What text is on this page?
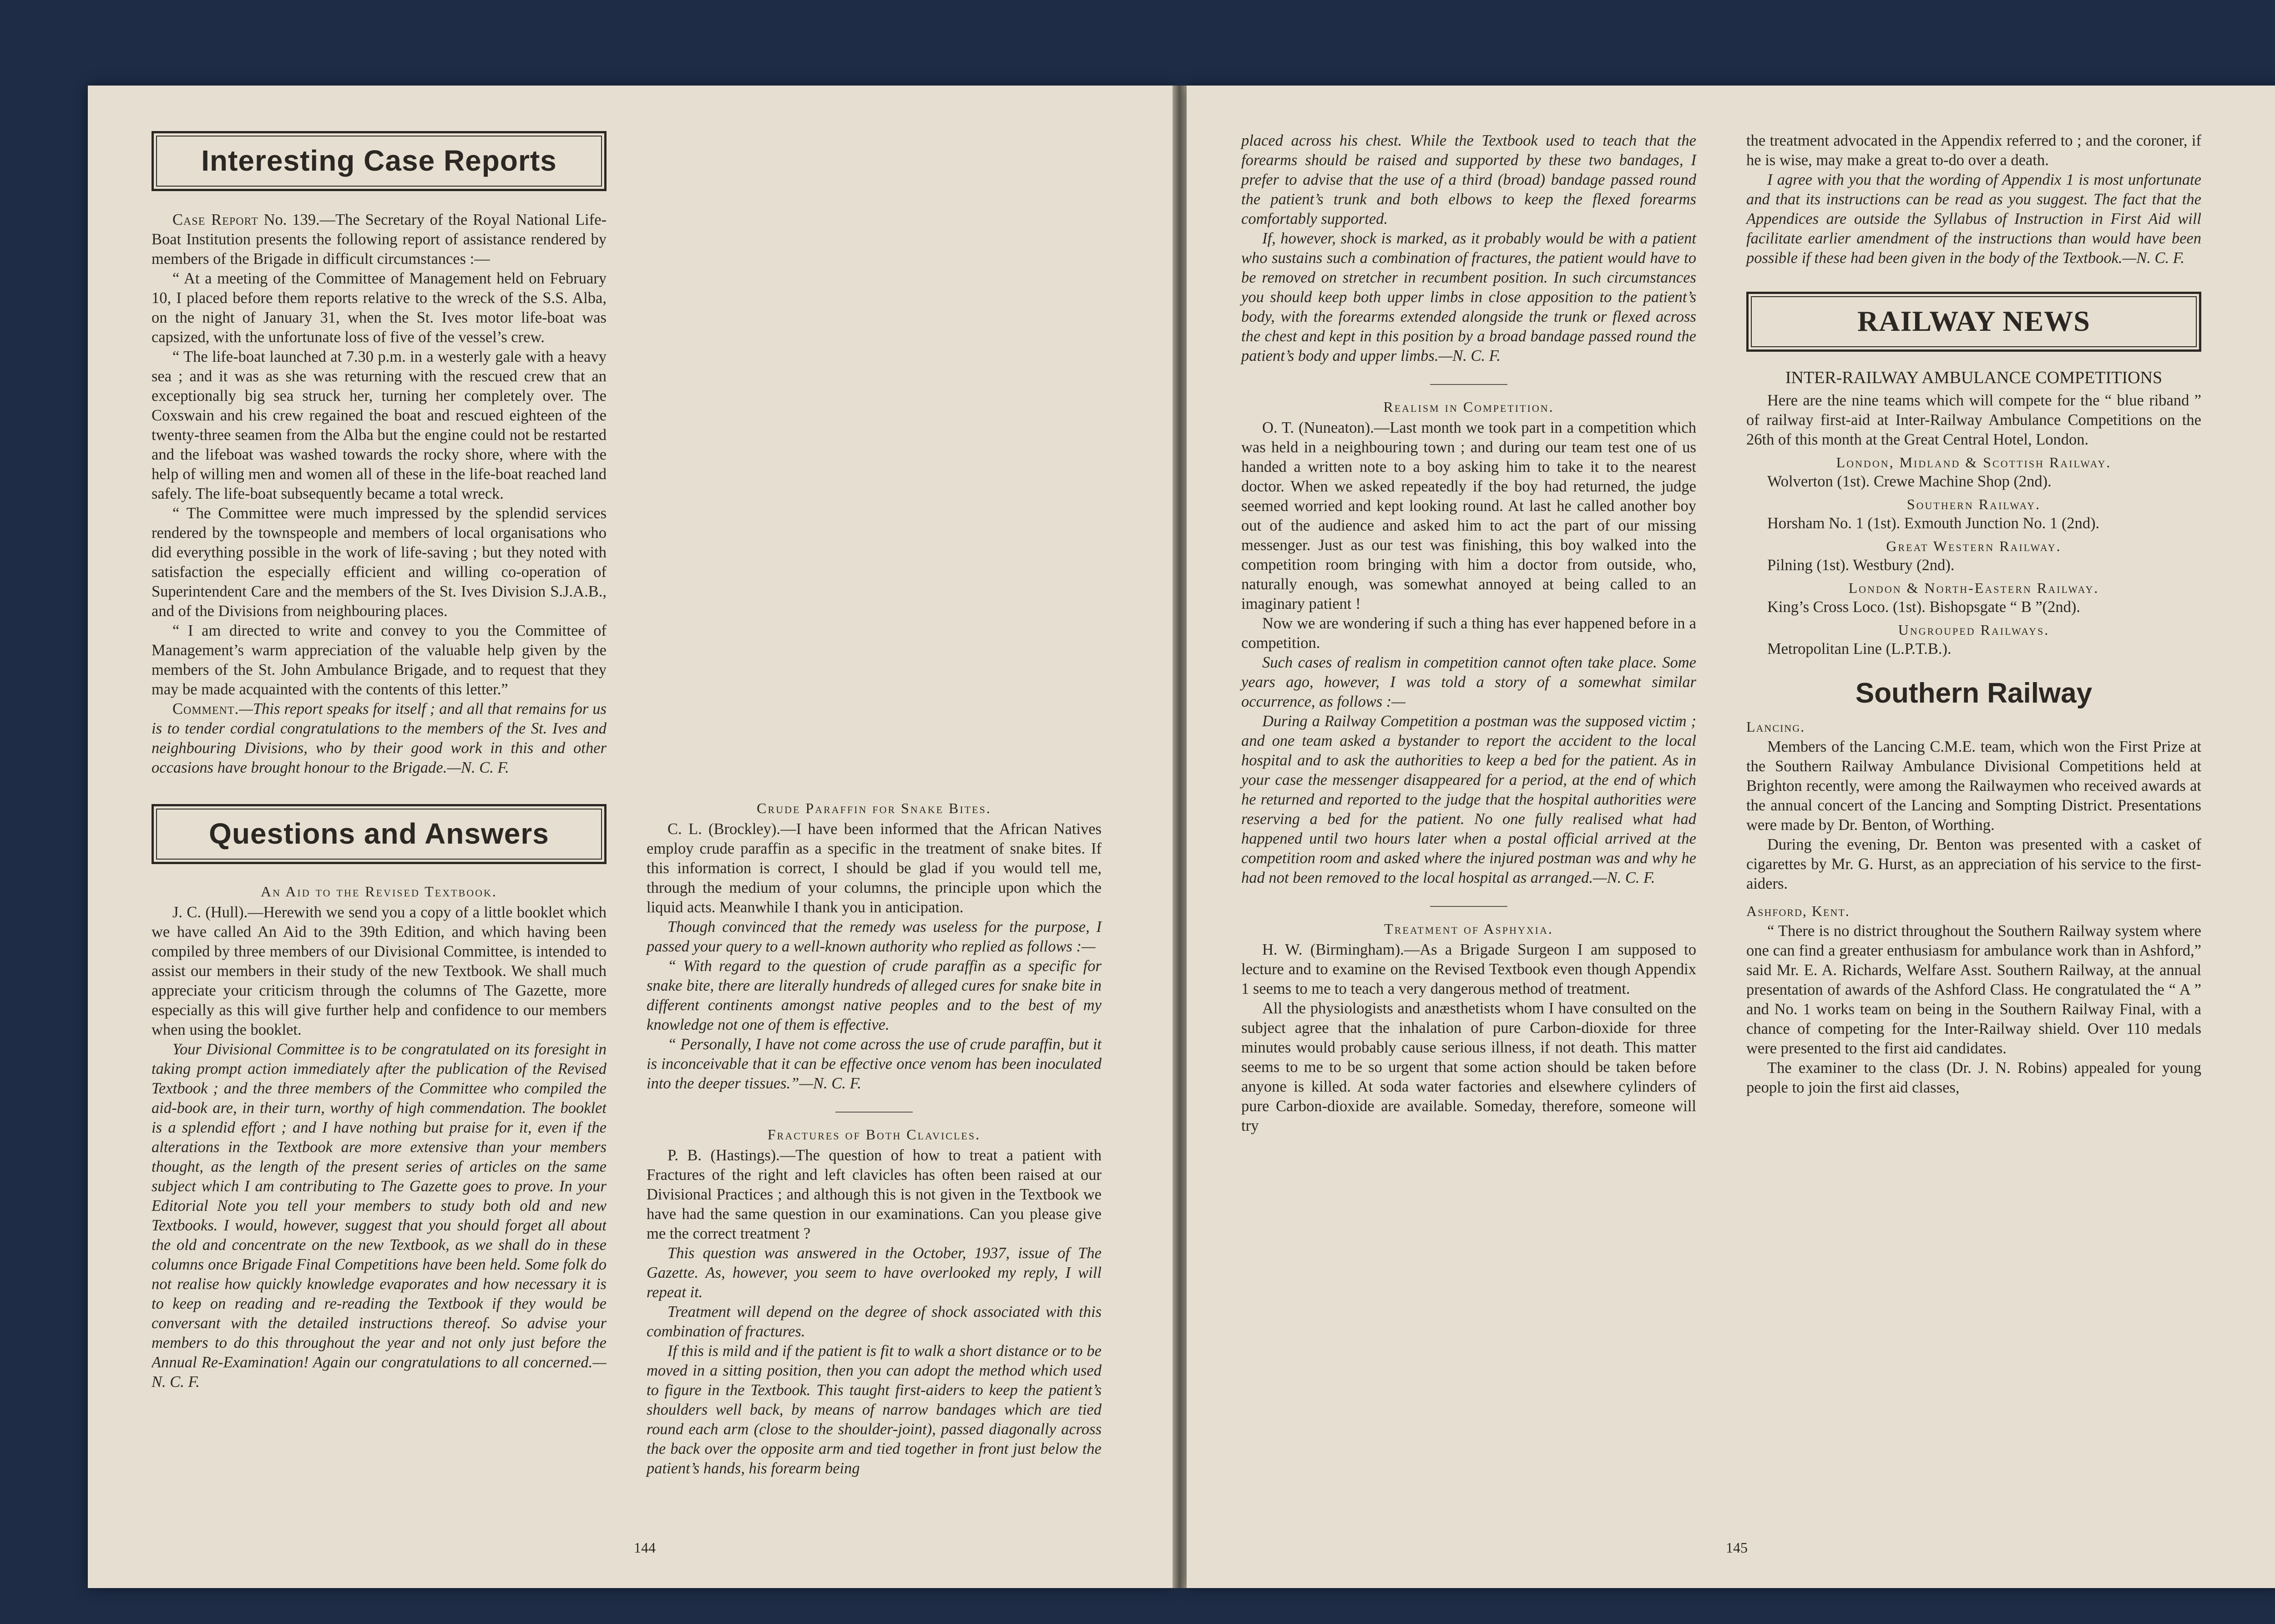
Interesting Case Reports

Case Report No. 139.—The Secretary of the Royal National Life-Boat Institution presents the following report of assistance rendered by members of the Brigade in difficult circumstances :—

“ At a meeting of the Committee of Management held on February 10, I placed before them reports relative to the wreck of the S.S. Alba, on the night of January 31, when the St. Ives motor life-boat was capsized, with the unfortunate loss of five of the vessel’s crew.

“ The life-boat launched at 7.30 p.m. in a westerly gale with a heavy sea ; and it was as she was returning with the rescued crew that an exceptionally big sea struck her, turning her completely over. The Coxswain and his crew regained the boat and rescued eighteen of the twenty-three seamen from the Alba but the engine could not be restarted and the lifeboat was washed towards the rocky shore, where with the help of willing men and women all of these in the life-boat reached land safely. The life-boat subsequently became a total wreck.

“ The Committee were much impressed by the splendid services rendered by the townspeople and members of local organisations who did everything possible in the work of life-saving ; but they noted with satisfaction the especially efficient and willing co-operation of Superintendent Care and the members of the St. Ives Division S.J.A.B., and of the Divisions from neighbouring places.

“ I am directed to write and convey to you the Committee of Management’s warm appreciation of the valuable help given by the members of the St. John Ambulance Brigade, and to request that they may be made acquainted with the contents of this letter.”

Comment.—This report speaks for itself ; and all that remains for us is to tender cordial congratulations to the members of the St. Ives and neighbouring Divisions, who by their good work in this and other occasions have brought honour to the Brigade.—N. C. F.

Questions and Answers
An Aid to the Revised Textbook.

J. C. (Hull).—Herewith we send you a copy of a little booklet which we have called An Aid to the 39th Edition, and which having been compiled by three members of our Divisional Committee, is intended to assist our members in their study of the new Textbook. We shall much appreciate your criticism through the columns of The Gazette, more especially as this will give further help and confidence to our members when using the booklet.

Your Divisional Committee is to be congratulated on its foresight in taking prompt action immediately after the publication of the Revised Textbook ; and the three members of the Committee who compiled the aid-book are, in their turn, worthy of high commendation. The booklet is a splendid effort ; and I have nothing but praise for it, even if the alterations in the Textbook are more extensive than your members thought, as the length of the present series of articles on the same subject which I am contributing to The Gazette goes to prove. In your Editorial Note you tell your members to study both old and new Textbooks. I would, however, suggest that you should forget all about the old and concentrate on the new Textbook, as we shall do in these columns once Brigade Final Competitions have been held. Some folk do not realise how quickly knowledge evaporates and how necessary it is to keep on reading and re-reading the Textbook if they would be conversant with the detailed instructions thereof. So advise your members to do this throughout the year and not only just before the Annual Re-Examination! Again our congratulations to all concerned.—N. C. F.

Crude Paraffin for Snake Bites.

C. L. (Brockley).—I have been informed that the African Natives employ crude paraffin as a specific in the treatment of snake bites. If this information is correct, I should be glad if you would tell me, through the medium of your columns, the principle upon which the liquid acts. Meanwhile I thank you in anticipation.

Though convinced that the remedy was useless for the purpose, I passed your query to a well-known authority who replied as follows :—

“ With regard to the question of crude paraffin as a specific for snake bite, there are literally hundreds of alleged cures for snake bite in different continents amongst native peoples and to the best of my knowledge not one of them is effective.

“ Personally, I have not come across the use of crude paraffin, but it is inconceivable that it can be effective once venom has been inoculated into the deeper tissues.”—N. C. F.

Fractures of Both Clavicles.

P. B. (Hastings).—The question of how to treat a patient with Fractures of the right and left clavicles has often been raised at our Divisional Practices ; and although this is not given in the Textbook we have had the same question in our examinations. Can you please give me the correct treatment ?

This question was answered in the October, 1937, issue of The Gazette. As, however, you seem to have overlooked my reply, I will repeat it.

Treatment will depend on the degree of shock associated with this combination of fractures.

If this is mild and if the patient is fit to walk a short distance or to be moved in a sitting position, then you can adopt the method which used to figure in the Textbook. This taught first-aiders to keep the patient’s shoulders well back, by means of narrow bandages which are tied round each arm (close to the shoulder-joint), passed diagonally across the back over the opposite arm and tied together in front just below the patient’s hands, his forearm being

144

placed across his chest. While the Textbook used to teach that the forearms should be raised and supported by these two bandages, I prefer to advise that the use of a third (broad) bandage passed round the patient’s trunk and both elbows to keep the flexed forearms comfortably supported.

If, however, shock is marked, as it probably would be with a patient who sustains such a combination of fractures, the patient would have to be removed on stretcher in recumbent position. In such circumstances you should keep both upper limbs in close apposition to the patient’s body, with the forearms extended alongside the trunk or flexed across the chest and kept in this position by a broad bandage passed round the patient’s body and upper limbs.—N. C. F.

Realism in Competition.

O. T. (Nuneaton).—Last month we took part in a competition which was held in a neighbouring town ; and during our team test one of us handed a written note to a boy asking him to take it to the nearest doctor. When we asked repeatedly if the boy had returned, the judge seemed worried and kept looking round. At last he called another boy out of the audience and asked him to act the part of our missing messenger. Just as our test was finishing, this boy walked into the competition room bringing with him a doctor from outside, who, naturally enough, was somewhat annoyed at being called to an imaginary patient !

Now we are wondering if such a thing has ever happened before in a competition.

Such cases of realism in competition cannot often take place. Some years ago, however, I was told a story of a somewhat similar occurrence, as follows :—

During a Railway Competition a postman was the supposed victim ; and one team asked a bystander to report the accident to the local hospital and to ask the authorities to keep a bed for the patient. As in your case the messenger disappeared for a period, at the end of which he returned and reported to the judge that the hospital authorities were reserving a bed for the patient. No one fully realised what had happened until two hours later when a postal official arrived at the competition room and asked where the injured postman was and why he had not been removed to the local hospital as arranged.—N. C. F.

Treatment of Asphyxia.

H. W. (Birmingham).—As a Brigade Surgeon I am supposed to lecture and to examine on the Revised Textbook even though Appendix 1 seems to me to teach a very dangerous method of treatment.

All the physiologists and anæsthetists whom I have consulted on the subject agree that the inhalation of pure Carbon-dioxide for three minutes would probably cause serious illness, if not death. This matter seems to me to be so urgent that some action should be taken before anyone is killed. At soda water factories and elsewhere cylinders of pure Carbon-dioxide are available. Someday, therefore, someone will try

the treatment advocated in the Appendix referred to ; and the coroner, if he is wise, may make a great to-do over a death.

I agree with you that the wording of Appendix 1 is most unfortunate and that its instructions can be read as you suggest. The fact that the Appendices are outside the Syllabus of Instruction in First Aid will facilitate earlier amendment of the instructions than would have been possible if these had been given in the body of the Textbook.—N. C. F.

RAILWAY NEWS
INTER-RAILWAY AMBULANCE COMPETITIONS

Here are the nine teams which will compete for the “ blue riband ” of railway first-aid at Inter-Railway Ambulance Competitions on the 26th of this month at the Great Central Hotel, London.

London, Midland & Scottish Railway.

Wolverton (1st). Crewe Machine Shop (2nd).

Southern Railway.

Horsham No. 1 (1st). Exmouth Junction No. 1 (2nd).

Great Western Railway.

Pilning (1st). Westbury (2nd).

London & North-Eastern Railway.

King’s Cross Loco. (1st). Bishopsgate “ B ”(2nd).

Ungrouped Railways.

Metropolitan Line (L.P.T.B.).

Southern Railway
Lancing.

Members of the Lancing C.M.E. team, which won the First Prize at the Southern Railway Ambulance Divisional Competitions held at Brighton recently, were among the Railwaymen who received awards at the annual concert of the Lancing and Sompting District. Presentations were made by Dr. Benton, of Worthing.

During the evening, Dr. Benton was presented with a casket of cigarettes by Mr. G. Hurst, as an appreciation of his service to the first-aiders.

Ashford, Kent.

“ There is no district throughout the Southern Railway system where one can find a greater enthusiasm for ambulance work than in Ashford,” said Mr. E. A. Richards, Welfare Asst. Southern Railway, at the annual presentation of awards of the Ashford Class. He congratulated the “ A ” and No. 1 works team on being in the Southern Railway Final, with a chance of competing for the Inter-Railway shield. Over 110 medals were presented to the first aid candidates.

The examiner to the class (Dr. J. N. Robins) appealed for young people to join the first aid classes,

145
